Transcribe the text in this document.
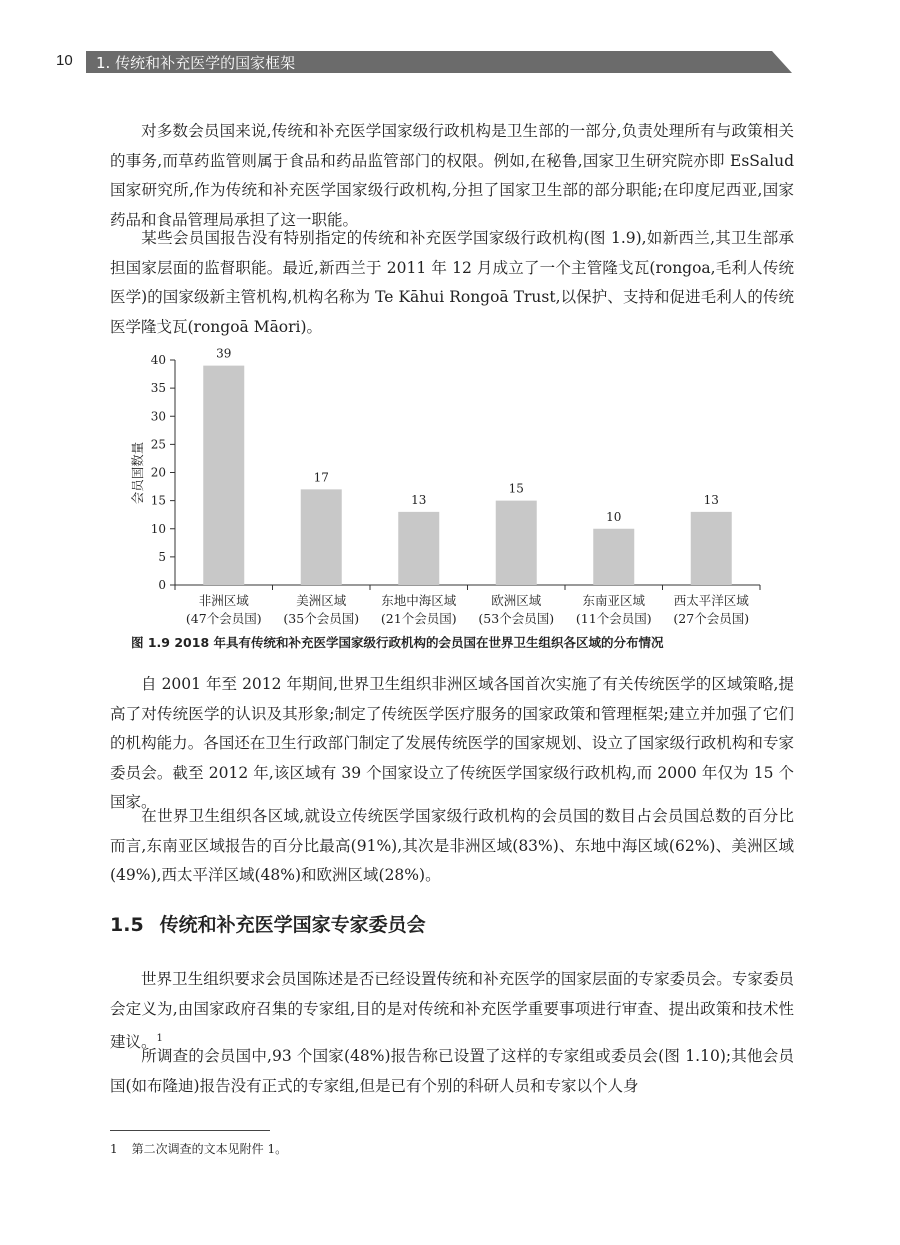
10 1. 传统和补充医学的国家框架

对多数会员国来说,传统和补充医学国家级行政机构是卫生部的一部分,负责处理所有与政策相关的事务,而草药监管则属于食品和药品监管部门的权限。例如,在秘鲁,国家卫生研究院亦即 EsSalud 国家研究所,作为传统和补充医学国家级行政机构,分担了国家卫生部的部分职能;在印度尼西亚,国家药品和食品管理局承担了这一职能。

某些会员国报告没有特别指定的传统和补充医学国家级行政机构(图 1.9),如新西兰,其卫生部承担国家层面的监督职能。最近,新西兰于 2011 年 12 月成立了一个主管隆戈瓦(rongoa,毛利人传统医学)的国家级新主管机构,机构名称为 Te Kāhui Rongoā Trust,以保护、支持和促进毛利人的传统医学隆戈瓦(rongoā Māori)。

0
5
10
15
20
25
30
35
40	39
17
13
15
10
13
非洲区域
(47个会员国)
美洲区域
(35个会员国)
东地中海区域
(21个会员国)
欧洲区域
(53个会员国)
东南亚区域
(11个会员国)
西太平洋区域
(27个会员国)
会员国数量
图 1.9 2018 年具有传统和补充医学国家级行政机构的会员国在世界卫生组织各区域的分布情况

自 2001 年至 2012 年期间,世界卫生组织非洲区域各国首次实施了有关传统医学的区域策略,提高了对传统医学的认识及其形象;制定了传统医学医疗服务的国家政策和管理框架;建立并加强了它们的机构能力。各国还在卫生行政部门制定了发展传统医学的国家规划、设立了国家级行政机构和专家委员会。截至 2012 年,该区域有 39 个国家设立了传统医学国家级行政机构,而 2000 年仅为 15 个国家。

在世界卫生组织各区域,就设立传统医学国家级行政机构的会员国的数目占会员国总数的百分比而言,东南亚区域报告的百分比最高(91%),其次是非洲区域(83%)、东地中海区域(62%)、美洲区域(49%),西太平洋区域(48%)和欧洲区域(28%)。

1.5 传统和补充医学国家专家委员会

世界卫生组织要求会员国陈述是否已经设置传统和补充医学的国家层面的专家委员会。专家委员会定义为,由国家政府召集的专家组,目的是对传统和补充医学重要事项进行审查、提出政策和技术性建议。$^1$

所调查的会员国中,93 个国家(48%)报告称已设置了这样的专家组或委员会(图 1.10);其他会员国(如布隆迪)报告没有正式的专家组,但是已有个别的科研人员和专家以个人身

1 第二次调查的文本见附件 1。
